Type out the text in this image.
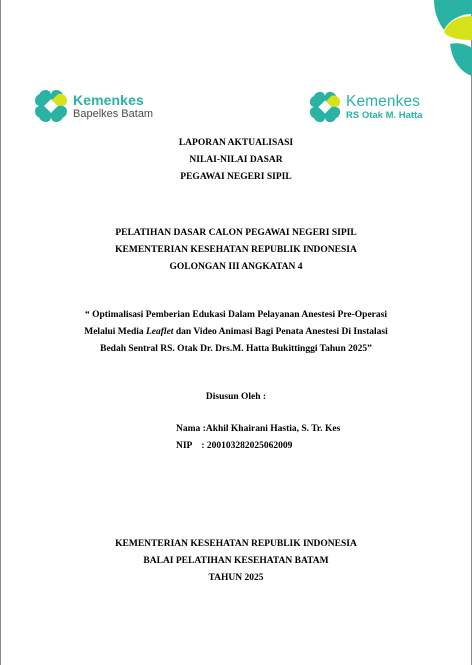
Kemenkes
Bapelkes Batam
Kemenkes
RS Otak M. Hatta
LAPORAN AKTUALISASI
NILAI-NILAI DASAR
PEGAWAI NEGERI SIPIL
PELATIHAN DASAR CALON PEGAWAI NEGERI SIPIL
KEMENTERIAN KESEHATAN REPUBLIK INDONESIA
GOLONGAN III ANGKATAN 4
“ Optimalisasi Pemberian Edukasi Dalam Pelayanan Anestesi Pre-Operasi
Melalui Media Leaflet dan Video Animasi Bagi Penata Anestesi Di Instalasi
Bedah Sentral RS. Otak Dr. Drs.M. Hatta Bukittinggi Tahun 2025”
Disusun Oleh :
Nama :Akhil Khairani Hastia, S. Tr. Kes
NIP    : 200103282025062009
KEMENTERIAN KESEHATAN REPUBLIK INDONESIA
BALAI PELATIHAN KESEHATAN BATAM
TAHUN 2025
